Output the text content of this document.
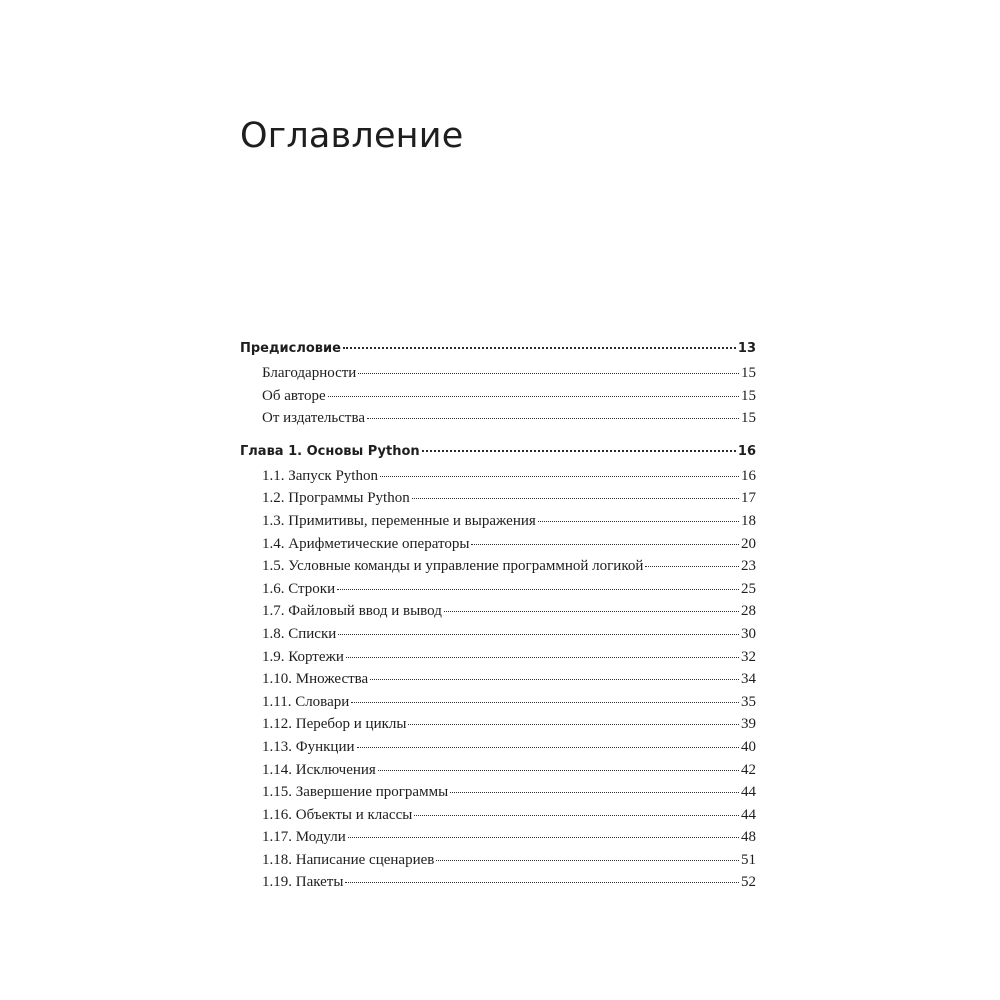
Оглавление
Предисловие	13
Благодарности	15
Об авторе	15
От издательства	15
Глава 1. Основы Python	16
1.1. Запуск Python	16
1.2. Программы Python	17
1.3. Примитивы, переменные и выражения	18
1.4. Арифметические операторы	20
1.5. Условные команды и управление программной логикой	23
1.6. Строки	25
1.7. Файловый ввод и вывод	28
1.8. Списки	30
1.9. Кортежи	32
1.10. Множества	34
1.11. Словари	35
1.12. Перебор и циклы	39
1.13. Функции	40
1.14. Исключения	42
1.15. Завершение программы	44
1.16. Объекты и классы	44
1.17. Модули	48
1.18. Написание сценариев	51
1.19. Пакеты	52
